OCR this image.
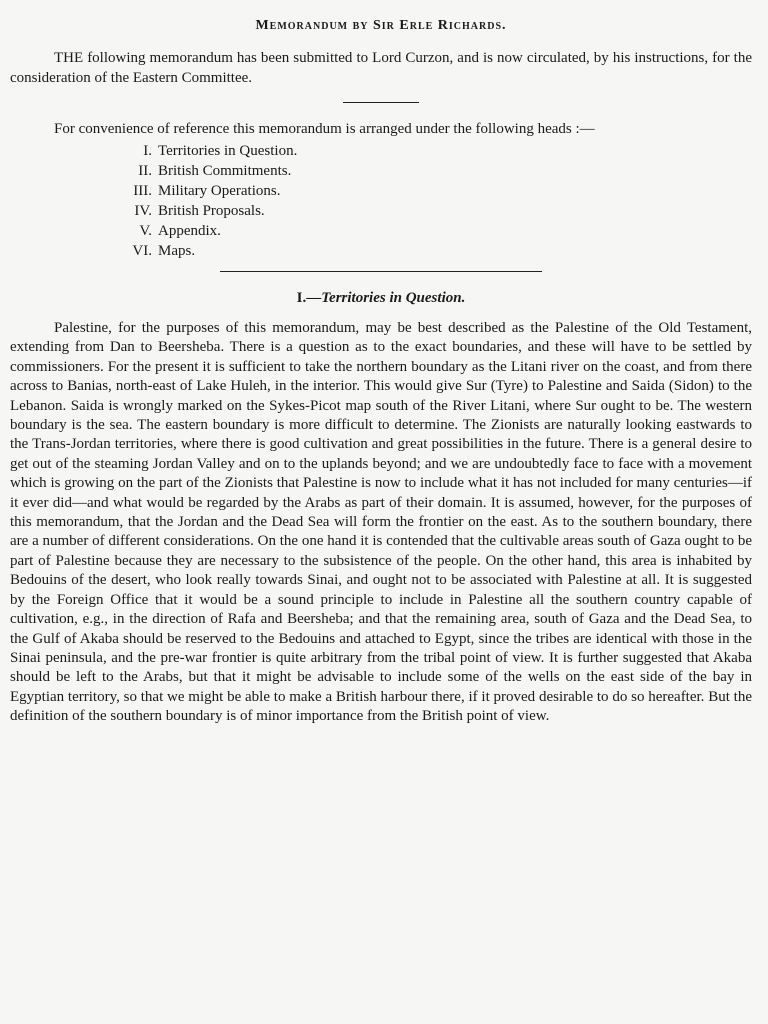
Memorandum by Sir Erle Richards.

THE following memorandum has been submitted to Lord Curzon, and is now circulated, by his instructions, for the consideration of the Eastern Committee.

For convenience of reference this memorandum is arranged under the following heads :—

I. Territories in Question.
II. British Commitments.
III. Military Operations.
IV. British Proposals.
V. Appendix.
VI. Maps.
I.—Territories in Question.

Palestine, for the purposes of this memorandum, may be best described as the Palestine of the Old Testament, extending from Dan to Beersheba. There is a question as to the exact boundaries, and these will have to be settled by commissioners. For the present it is sufficient to take the northern boundary as the Litani river on the coast, and from there across to Banias, north-east of Lake Huleh, in the interior. This would give Sur (Tyre) to Palestine and Saida (Sidon) to the Lebanon. Saida is wrongly marked on the Sykes-Picot map south of the River Litani, where Sur ought to be. The western boundary is the sea. The eastern boundary is more difficult to determine. The Zionists are naturally looking eastwards to the Trans-Jordan territories, where there is good cultivation and great possibilities in the future. There is a general desire to get out of the steaming Jordan Valley and on to the uplands beyond; and we are undoubtedly face to face with a movement which is growing on the part of the Zionists that Palestine is now to include what it has not included for many centuries—if it ever did—and what would be regarded by the Arabs as part of their domain. It is assumed, however, for the purposes of this memorandum, that the Jordan and the Dead Sea will form the frontier on the east. As to the southern boundary, there are a number of different considerations. On the one hand it is contended that the cultivable areas south of Gaza ought to be part of Palestine because they are necessary to the subsistence of the people. On the other hand, this area is inhabited by Bedouins of the desert, who look really towards Sinai, and ought not to be associated with Palestine at all. It is suggested by the Foreign Office that it would be a sound principle to include in Palestine all the southern country capable of cultivation, e.g., in the direction of Rafa and Beersheba; and that the remaining area, south of Gaza and the Dead Sea, to the Gulf of Akaba should be reserved to the Bedouins and attached to Egypt, since the tribes are identical with those in the Sinai peninsula, and the pre-war frontier is quite arbitrary from the tribal point of view. It is further suggested that Akaba should be left to the Arabs, but that it might be advisable to include some of the wells on the east side of the bay in Egyptian territory, so that we might be able to make a British harbour there, if it proved desirable to do so hereafter. But the definition of the southern boundary is of minor importance from the British point of view.
